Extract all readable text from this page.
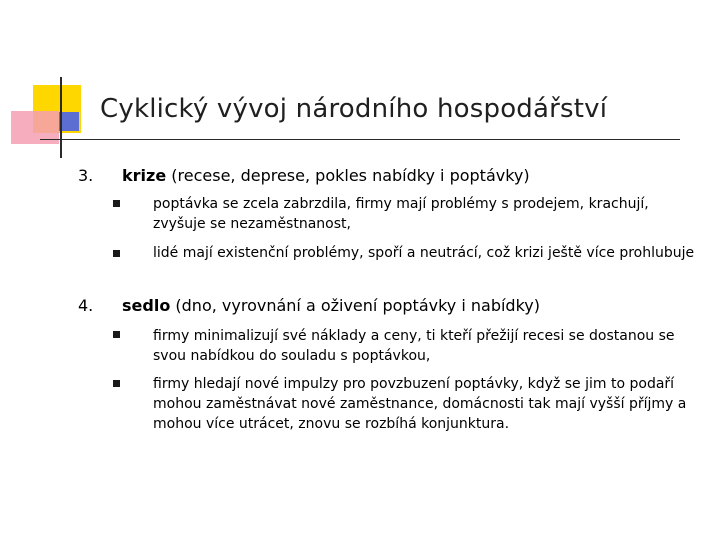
Cyklický vývoj národního hospodářství
3. krize (recese, deprese, pokles nabídky i poptávky)
poptávka se zcela zabrzdila, firmy mají problémy s prodejem, krachují, zvyšuje se nezaměstnanost,
lidé mají existenční problémy, spoří a neutrácí, což krizi ještě více prohlubuje
4. sedlo (dno, vyrovnání a oživení poptávky i nabídky)
firmy minimalizují své náklady a ceny, ti kteří přežijí recesi se dostanou se svou nabídkou do souladu s poptávkou,
firmy hledají nové impulzy pro povzbuzení poptávky, když se jim to podaří mohou zaměstnávat nové zaměstnance, domácnosti tak mají vyšší příjmy a mohou více utrácet, znovu se rozbíhá konjunktura.
